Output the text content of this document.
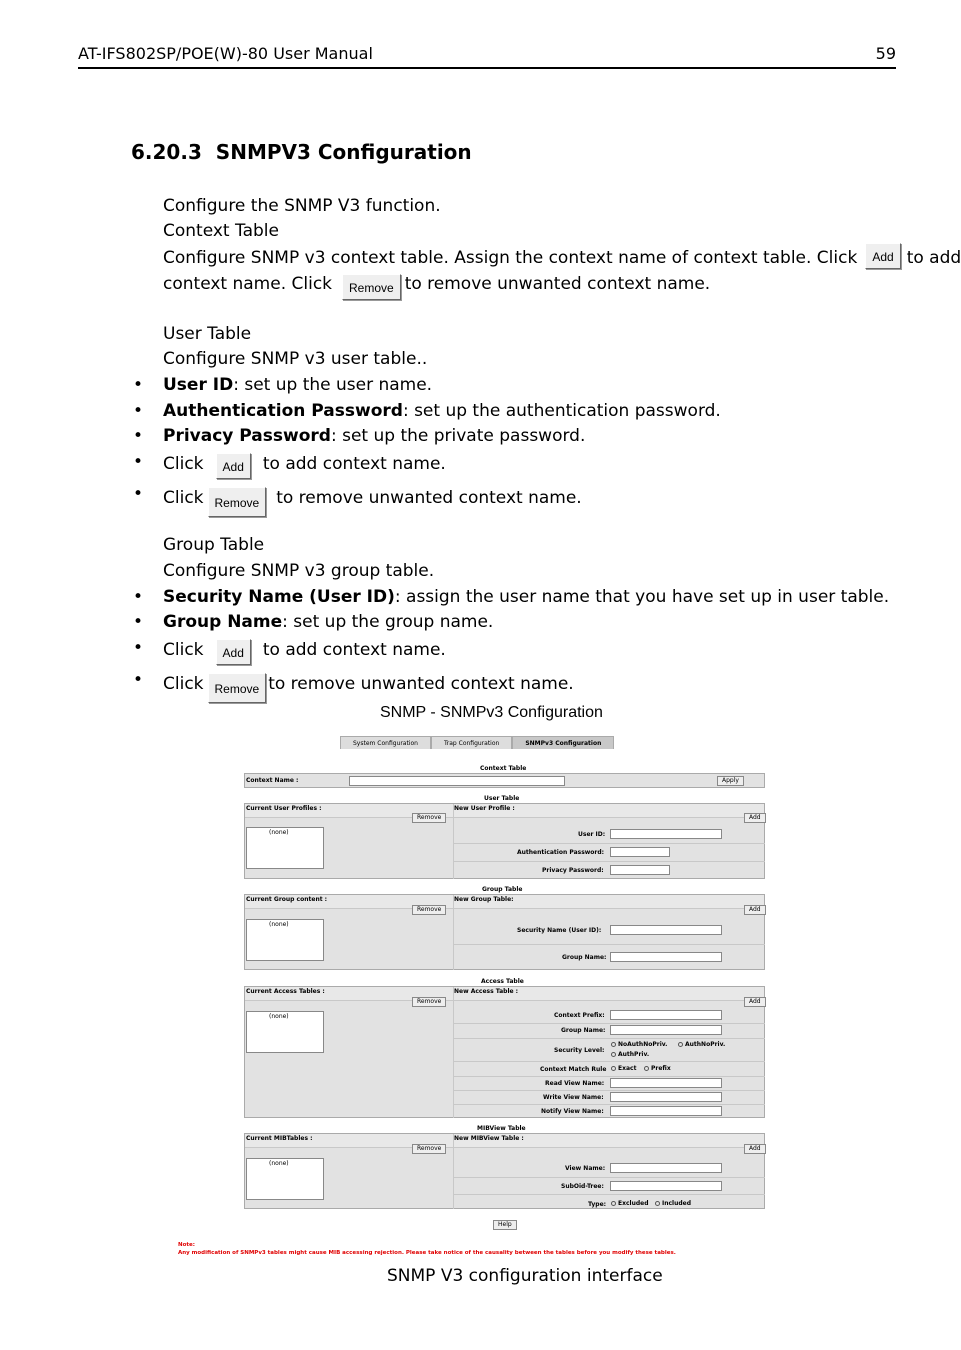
AT-IFS802SP/POE(W)-80 User Manual	59
6.20.3 SNMPV3 Configuration
Configure the SNMP V3 function.
Context Table
Configure SNMP v3 context table. Assign the context name of context table. Click Add to add
context name. Click Remove to remove unwanted context name.
User Table
Configure SNMP v3 user table..
• User ID: set up the user name.
• Authentication Password: set up the authentication password.
• Privacy Password: set up the private password.
• Click Add to add context name.
• Click Remove to remove unwanted context name.
Group Table
Configure SNMP v3 group table.
• Security Name (User ID): assign the user name that you have set up in user table.
• Group Name: set up the group name.
• Click Add to add context name.
• Click Remove to remove unwanted context name.
SNMP - SNMPv3 Configuration
System Configuration	Trap Configuration	SNMPv3 Configuration
Context Table
Context Name :	Apply
User Table
Current User Profiles :	New User Profile :
Remove	Add
(none)	User ID:
Authentication Password:
Privacy Password:
Group Table
Current Group content :	New Group Table:
Remove	Add
(none)
Security Name (User ID):
Group Name:
Access Table
Current Access Tables :	New Access Table :
Remove	Add
(none)	Context Prefix:
Group Name:
Security Level:
NoAuthNoPriv.	AuthNoPriv.
AuthPriv.
Context Match Rule	Exact	Prefix
Read View Name:
Write View Name:
Notify View Name:
MIBView Table
Current MIBTables :	New MIBView Table :
Remove	Add
(none)
View Name:
SubOid-Tree:
Type:	Excluded	Included
Help
Note:
Any modification of SNMPv3 tables might cause MIB accessing rejection. Please take notice of the causality between the tables before you modify these tables.
SNMP V3 configuration interface
